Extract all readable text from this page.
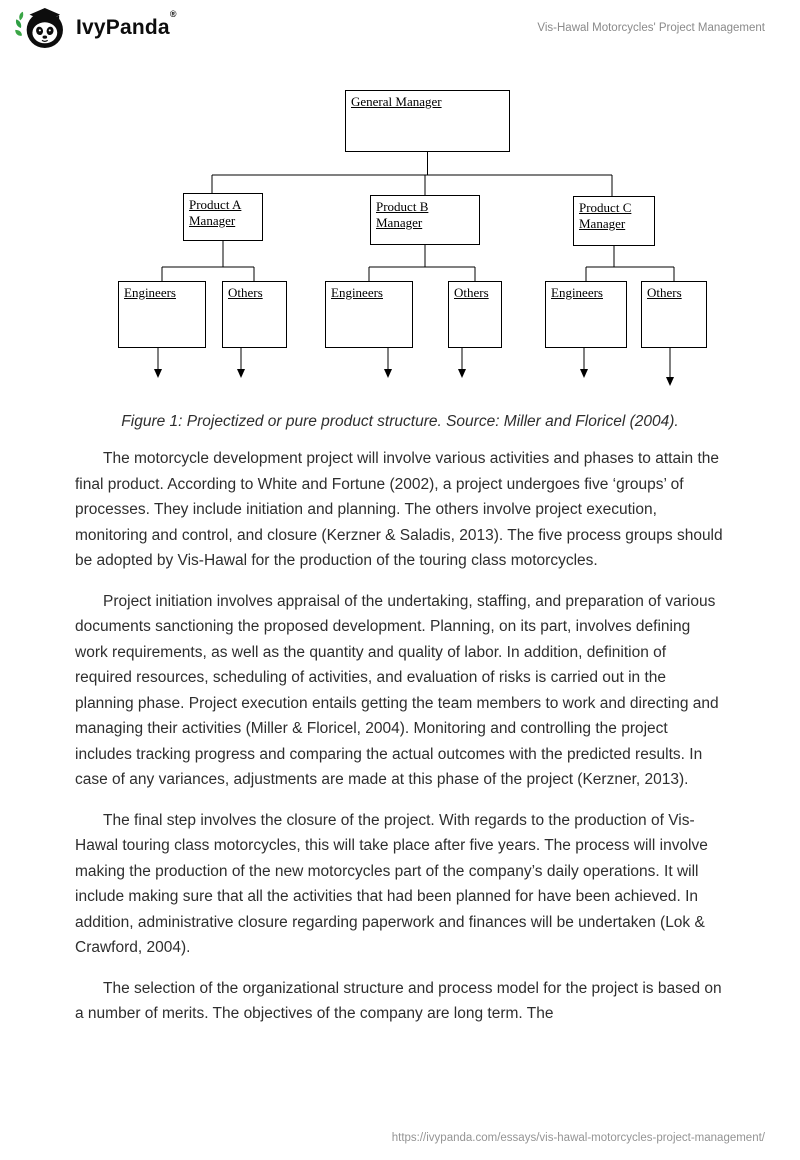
IvyPanda®
Vis-Hawal Motorcycles' Project Management
General Manager
Product A Manager
Product B Manager
Product C Manager
Engineers	Others	Engineers	Others	Engineers	Others

Figure 1: Projectized or pure product structure. Source: Miller and Floricel (2004).

The motorcycle development project will involve various activities and phases to attain the final product. According to White and Fortune (2002), a project undergoes five ‘groups’ of processes. They include initiation and planning. The others involve project execution, monitoring and control, and closure (Kerzner & Saladis, 2013). The five process groups should be adopted by Vis-Hawal for the production of the touring class motorcycles.

Project initiation involves appraisal of the undertaking, staffing, and preparation of various documents sanctioning the proposed development. Planning, on its part, involves defining work requirements, as well as the quantity and quality of labor. In addition, definition of required resources, scheduling of activities, and evaluation of risks is carried out in the planning phase. Project execution entails getting the team members to work and directing and managing their activities (Miller & Floricel, 2004). Monitoring and controlling the project includes tracking progress and comparing the actual outcomes with the predicted results. In case of any variances, adjustments are made at this phase of the project (Kerzner, 2013).

The final step involves the closure of the project. With regards to the production of Vis-Hawal touring class motorcycles, this will take place after five years. The process will involve making the production of the new motorcycles part of the company’s daily operations. It will include making sure that all the activities that had been planned for have been achieved. In addition, administrative closure regarding paperwork and finances will be undertaken (Lok & Crawford, 2004).

The selection of the organizational structure and process model for the project is based on a number of merits. The objectives of the company are long term. The

https://ivypanda.com/essays/vis-hawal-motorcycles-project-management/
